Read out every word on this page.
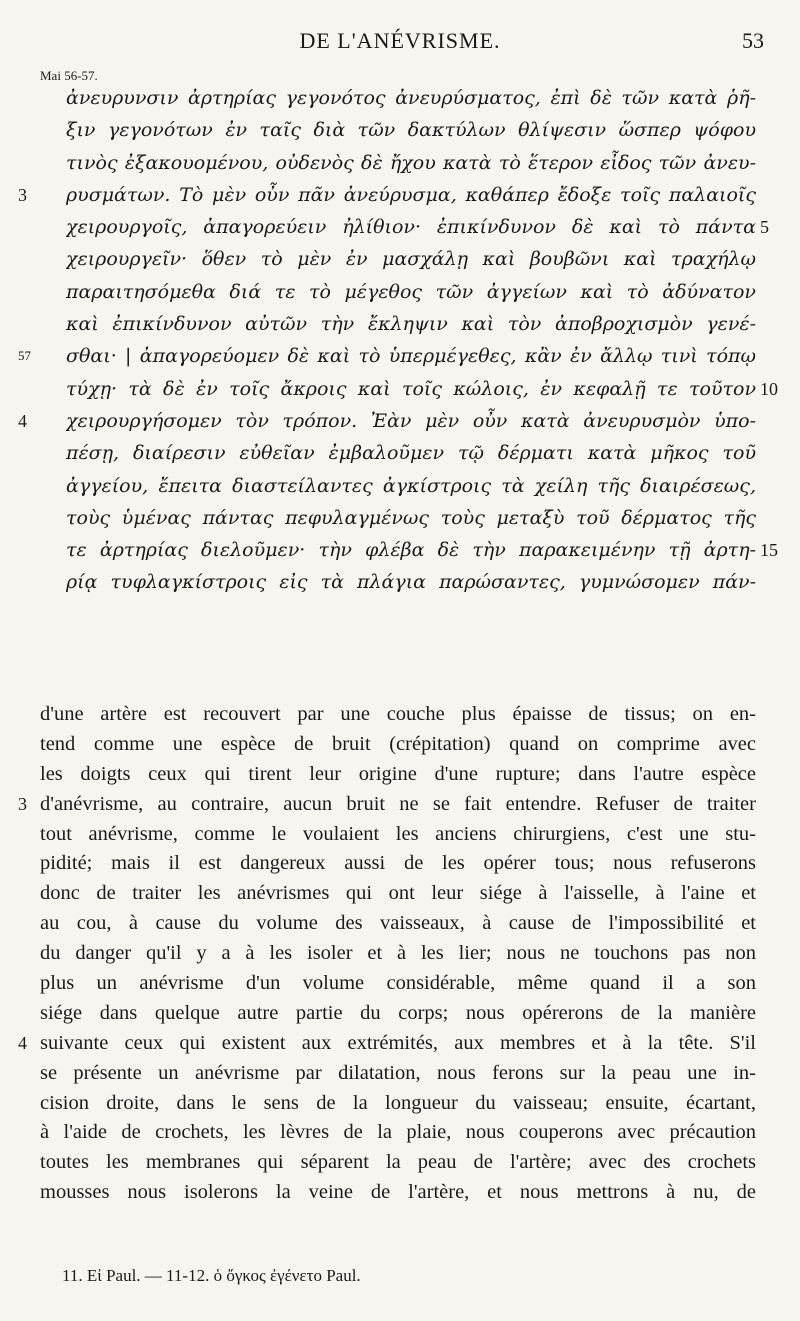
DE L'ANÉVRISME.	53
Mai 56-57.
ἀνευρυνσιν ἀρτηρίας γεγονότος ἀνευρύσματος, ἐπὶ δὲ τῶν κατὰ ῥῆ-
ξιν γεγονότων ἐν ταῖς διὰ τῶν δακτύλων θλίψεσιν ὥσπερ ψόφου
τινὸς ἐξακουομένου, οὐδενὸς δὲ ἤχου κατὰ τὸ ἕτερον εἶδος τῶν ἀνευ-
ρυσμάτων. Τὸ μὲν οὖν πᾶν ἀνεύρυσμα, καθάπερ ἔδοξε τοῖς παλαιοῖς
χειρουργοῖς, ἀπαγορεύειν ἠλίθιον· ἐπικίνδυνον δὲ καὶ τὸ πάντα
χειρουργεῖν· ὅθεν τὸ μὲν ἐν μασχάλῃ καὶ βουβῶνι καὶ τραχήλῳ
παραιτησόμεθα διά τε τὸ μέγεθος τῶν ἀγγείων καὶ τὸ ἀδύνατον
καὶ ἐπικίνδυνον αὐτῶν τὴν ἔκληψιν καὶ τὸν ἀποβροχισμὸν γενέ-
σθαι· | ἀπαγορεύομεν δὲ καὶ τὸ ὑπερμέγεθες, κἂν ἐν ἄλλῳ τινὶ τόπῳ
τύχῃ· τὰ δὲ ἐν τοῖς ἄκροις καὶ τοῖς κώλοις, ἐν κεφαλῇ τε τοῦτον
χειρουργήσομεν τὸν τρόπον. Ἐὰν μὲν οὖν κατὰ ἀνευρυσμὸν ὑπο-
πέσῃ, διαίρεσιν εὐθεῖαν ἐμβαλοῦμεν τῷ δέρματι κατὰ μῆκος τοῦ
ἀγγείου, ἔπειτα διαστείλαντες ἀγκίστροις τὰ χείλη τῆς διαιρέσεως,
τοὺς ὑμένας πάντας πεφυλαγμένως τοὺς μεταξὺ τοῦ δέρματος τῆς
τε ἀρτηρίας διελοῦμεν· τὴν φλέβα δὲ τὴν παρακειμένην τῇ ἀρτη-
ρίᾳ τυφλαγκίστροις εἰς τὰ πλάγια παρώσαντες, γυμνώσομεν πάν-
3
57
4
5
10
15
d'une artère est recouvert par une couche plus épaisse de tissus; on en-
tend comme une espèce de bruit (crépitation) quand on comprime avec
les doigts ceux qui tirent leur origine d'une rupture; dans l'autre espèce
d'anévrisme, au contraire, aucun bruit ne se fait entendre. Refuser de traiter
tout anévrisme, comme le voulaient les anciens chirurgiens, c'est une stu-
pidité; mais il est dangereux aussi de les opérer tous; nous refuserons
donc de traiter les anévrismes qui ont leur siége à l'aisselle, à l'aine et
au cou, à cause du volume des vaisseaux, à cause de l'impossibilité et
du danger qu'il y a à les isoler et à les lier; nous ne touchons pas non
plus un anévrisme d'un volume considérable, même quand il a son
siége dans quelque autre partie du corps; nous opérerons de la manière
suivante ceux qui existent aux extrémités, aux membres et à la tête. S'il
se présente un anévrisme par dilatation, nous ferons sur la peau une in-
cision droite, dans le sens de la longueur du vaisseau; ensuite, écartant,
à l'aide de crochets, les lèvres de la plaie, nous couperons avec précaution
toutes les membranes qui séparent la peau de l'artère; avec des crochets
mousses nous isolerons la veine de l'artère, et nous mettrons à nu, de
3
4
11. Εἰ Paul. — 11-12. ὁ ὄγκος ἐγένετο Paul.
